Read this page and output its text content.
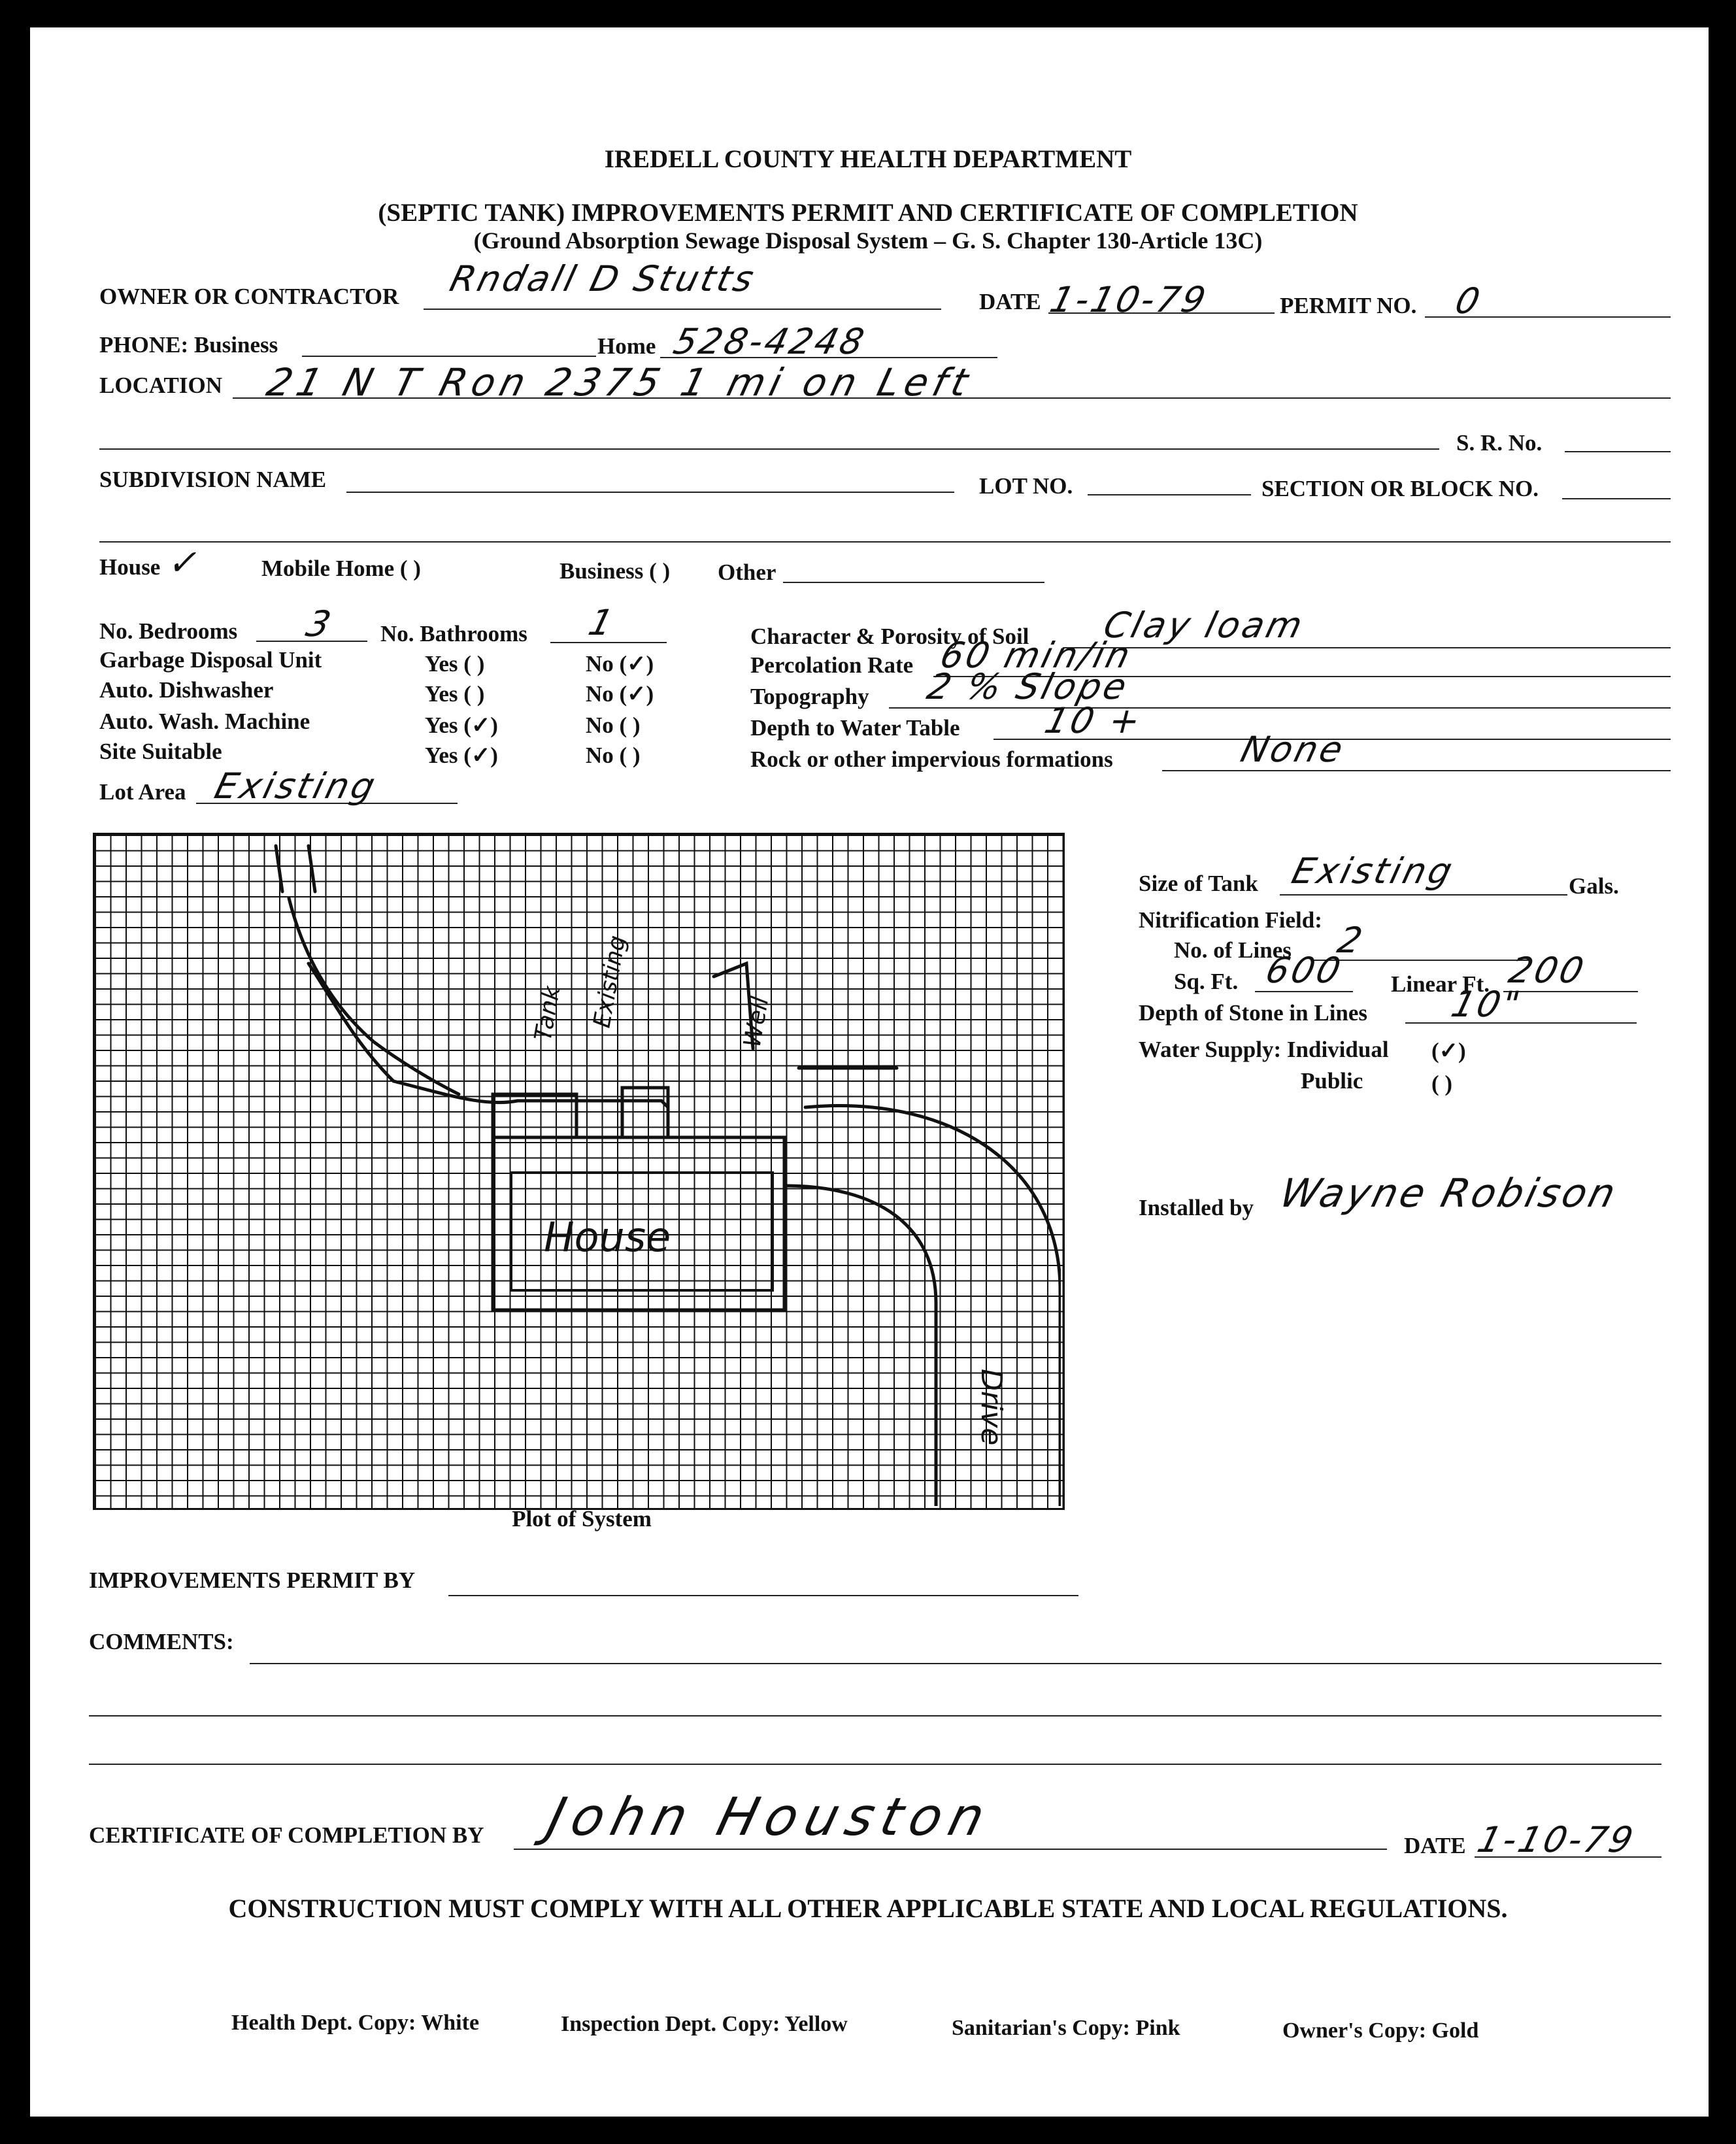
IREDELL COUNTY HEALTH DEPARTMENT
(SEPTIC TANK) IMPROVEMENTS PERMIT AND CERTIFICATE OF COMPLETION
(Ground Absorption Sewage Disposal System – G. S. Chapter 130-Article 13C)
OWNER OR CONTRACTOR Rndall D Stutts
DATE 1-10-79	PERMIT NO. 0
PHONE: Business	Home 528-4248
LOCATION 21 N T Ron 2375 1 mi on Left
S. R. No.
SUBDIVISION NAME	LOT NO.	SECTION OR BLOCK NO.
House ✓ Mobile Home ( )	Business ( ) Other
No. Bedrooms 3 No. Bathrooms 1
Garbage Disposal Unit	Yes ( )	No (✓)
Auto. Dishwasher	Yes ( )	No (✓)
Auto. Wash. Machine	Yes (✓)	No ( )
Site Suitable	Yes (✓)	No ( )
Lot Area Existing
Character & Porosity of Soil Clay loam
Percolation Rate 60 min/in
Topography 2 % Slope
Depth to Water Table 10 +
Rock or other impervious formations	None
House
Drive
Tank Existing	Well
Plot of System
Size of Tank Existing	Gals.
Nitrification Field:
No. of Lines 2
Sq. Ft. 600 Linear Ft. 200
Depth of Stone in Lines 10"
Water Supply: Individual (✓)
Public	( )
Installed by Wayne Robison
IMPROVEMENTS PERMIT BY
COMMENTS:
CERTIFICATE OF COMPLETION BY John Houston	DATE 1-10-79
CONSTRUCTION MUST COMPLY WITH ALL OTHER APPLICABLE STATE AND LOCAL REGULATIONS.
Health Dept. Copy: White	Inspection Dept. Copy: Yellow	Sanitarian's Copy: Pink	Owner's Copy: Gold
